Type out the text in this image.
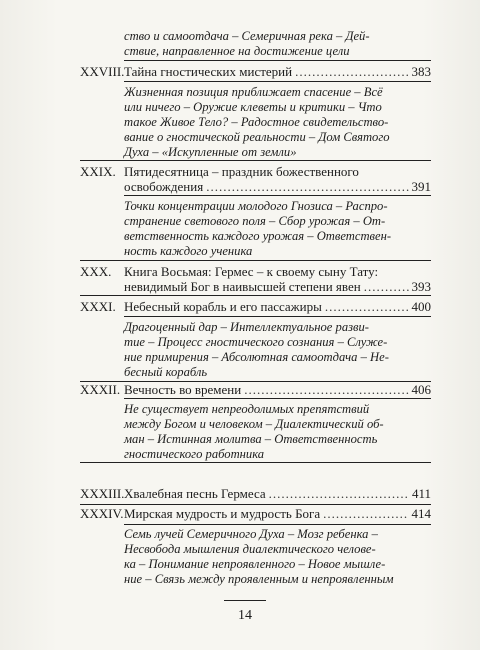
ство и самоотдача – Семеричная река – Дей-
ствие, направленное на достижение цели
XXVIII. Тайна гностических мистерий .....	383
Жизненная позиция приближает спасение – Всё
или ничего – Оружие клеветы и критики – Что
такое Живое Тело? – Радостное свидетельство-
вание о гностической реальности – Дом Святого
Духа – «Искупленные от земли»
XXIX. Пятидесятница – праздник божественного
освобождения .....	391
Точки концентрации молодого Гнозиса – Распро-
странение светового поля – Сбор урожая – От-
ветственность каждого урожая – Ответствен-
ность каждого ученика
XXX. Книга Восьмая: Гермес – к своему сыну Тату:
невидимый Бог в наивысшей степени явен .....	393
XXXI. Небесный корабль и его пассажиры .....	400
Драгоценный дар – Интеллектуальное разви-
тие – Процесс гностического сознания – Служе-
ние примирения – Абсолютная самоотдача – Не-
бесный корабль
XXXII. Вечность во времени .....	406
Не существует непреодолимых препятствий
между Богом и человеком – Диалектический об-
ман – Истинная молитва – Ответственность
гностического работника
XXXIII. Хвалебная песнь Гермеса .....	411
XXXIV. Мирская мудрость и мудрость Бога .....	414
Семь лучей Семеричного Духа – Мозг ребенка –
Несвобода мышления диалектического челове-
ка – Понимание непроявленного – Новое мышле-
ние – Связь между проявленным и непроявленным
14
